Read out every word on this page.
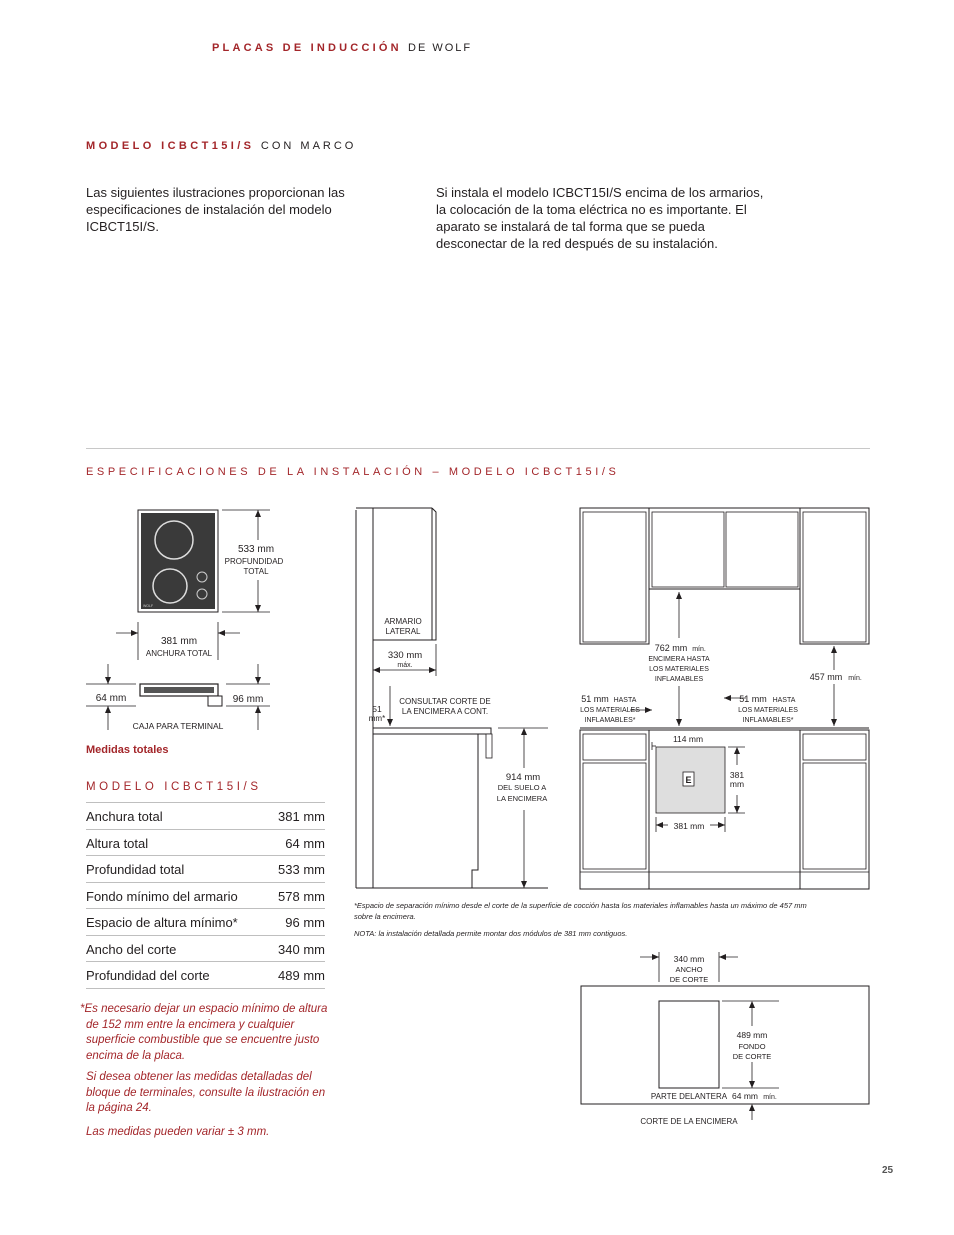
PLACAS DE INDUCCIÓN DE WOLF
MODELO ICBCT15I/S CON MARCO
Las siguientes ilustraciones proporcionan las especificaciones de instalación del modelo ICBCT15I/S.
Si instala el modelo ICBCT15I/S encima de los armarios, la colocación de la toma eléctrica no es importante. El aparato se instalará de tal forma que se pueda desconectar de la red después de su instalación.
ESPECIFICACIONES DE LA INSTALACIÓN – MODELO ICBCT15I/S
WOLF
533 mm
PROFUNDIDAD
TOTAL
381 mm
ANCHURA TOTAL
64 mm	96 mm
CAJA PARA TERMINAL
Medidas totales
MODELO ICBCT15I/S
Anchura total	381 mm
Altura total	64 mm
Profundidad total	533 mm
Fondo mínimo del armario	578 mm
Espacio de altura mínimo*	96 mm
Ancho del corte	340 mm
Profundidad del corte	489 mm
*Es necesario dejar un espacio mínimo de altura de 152 mm entre la encimera y cualquier superficie combustible que se encuentre justo encima de la placa.
Si desea obtener las medidas detalladas del bloque de terminales, consulte la ilustración en la página 24.
Las medidas pueden variar ± 3 mm.
ARMARIO
LATERAL
330 mm
máx.
51
mm*
CONSULTAR CORTE DE
LA ENCIMERA A CONT.
914 mm
DEL SUELO A
LA ENCIMERA
762 mm mín.
ENCIMERA HASTA
LOS MATERIALES
INFLAMABLES	457 mm mín.
51 mm HASTA
LOS MATERIALES
INFLAMABLES*
51 mm HASTA
LOS MATERIALES
INFLAMABLES*
E
114 mm
381
mm
381 mm
*Espacio de separación mínimo desde el corte de la superficie de cocción hasta los materiales inflamables hasta un máximo de 457 mm
sobre la encimera.
NOTA: la instalación detallada permite montar dos módulos de 381 mm contiguos.
340 mm
ANCHO
DE CORTE
489 mm
FONDO
DE CORTE
PARTE DELANTERA 64 mm mín.
CORTE DE LA ENCIMERA
25
